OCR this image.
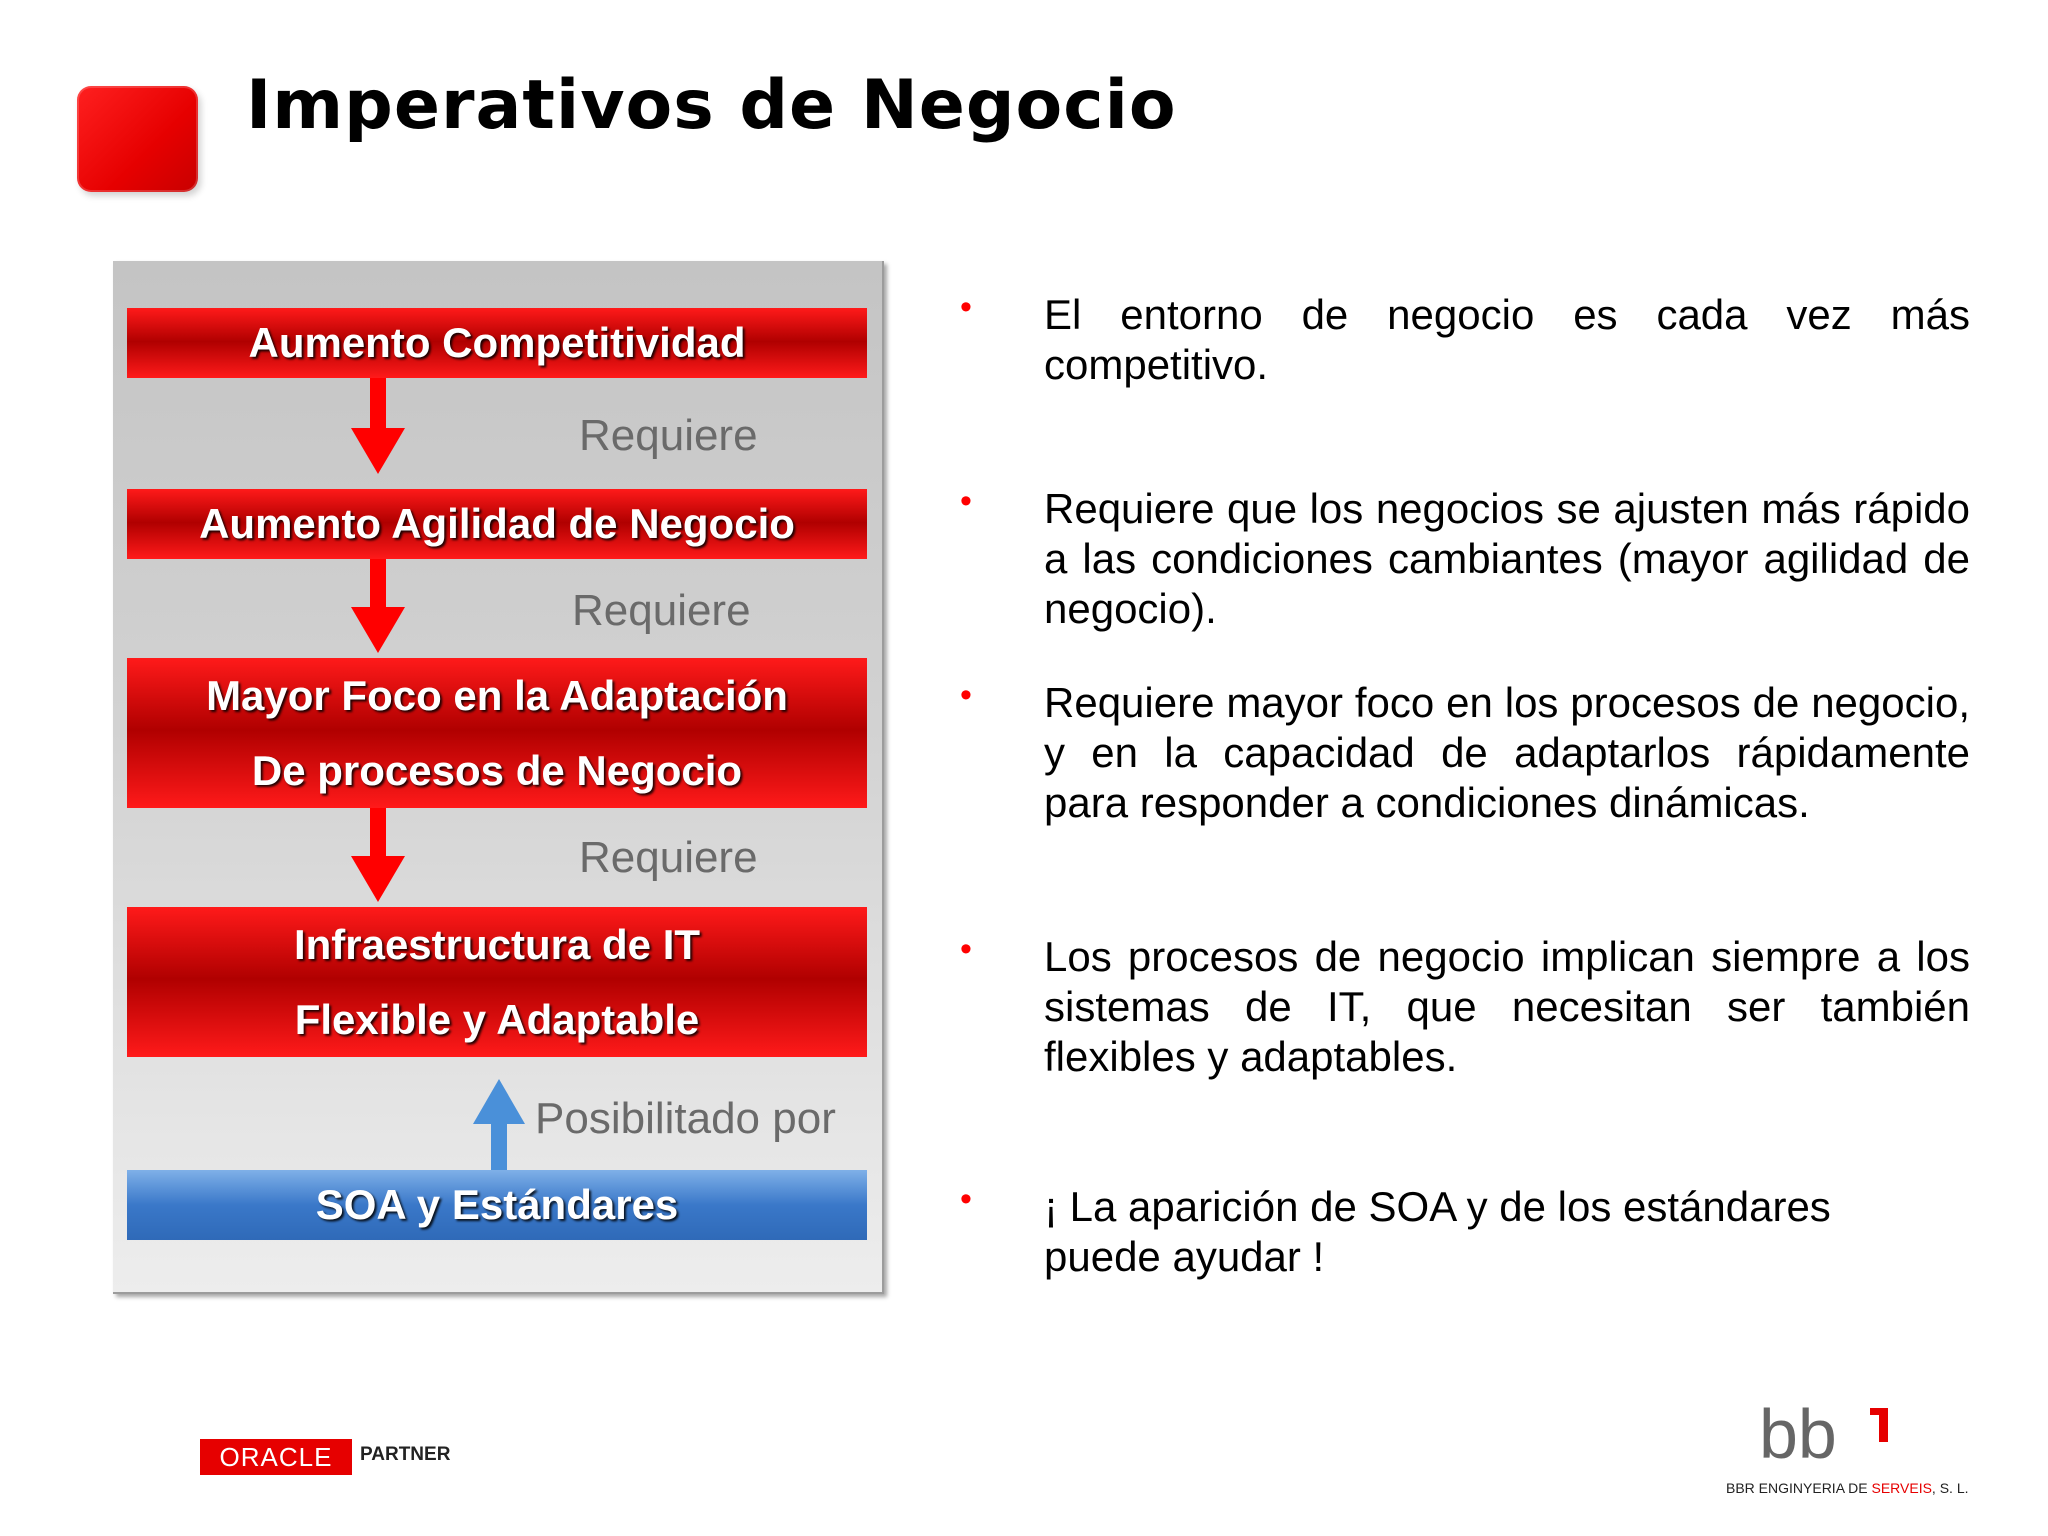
Imperativos de Negocio
Aumento Competitividad
Requiere
Aumento Agilidad de Negocio
Requiere
Mayor Foco en la Adaptación
De procesos de Negocio
Requiere
Infraestructura de IT
Flexible y Adaptable
Posibilitado por
SOA y Estándares
• El entorno de negocio es cada vez más competitivo.

• Requiere que los negocios se ajusten más rápido a las condiciones cambiantes (mayor agilidad de negocio).

• Requiere mayor foco en los procesos de negocio, y en la capacidad de adaptarlos rápidamente para responder a condiciones dinámicas.

• Los procesos de negocio implican siempre a los sistemas de IT, que necesitan ser también flexibles y adaptables.

• ¡ La aparición de SOA y de los estándares puede ayudar !

ORACLE	PARTNER	bb
BBR ENGINYERIA DE SERVEIS, S. L.
